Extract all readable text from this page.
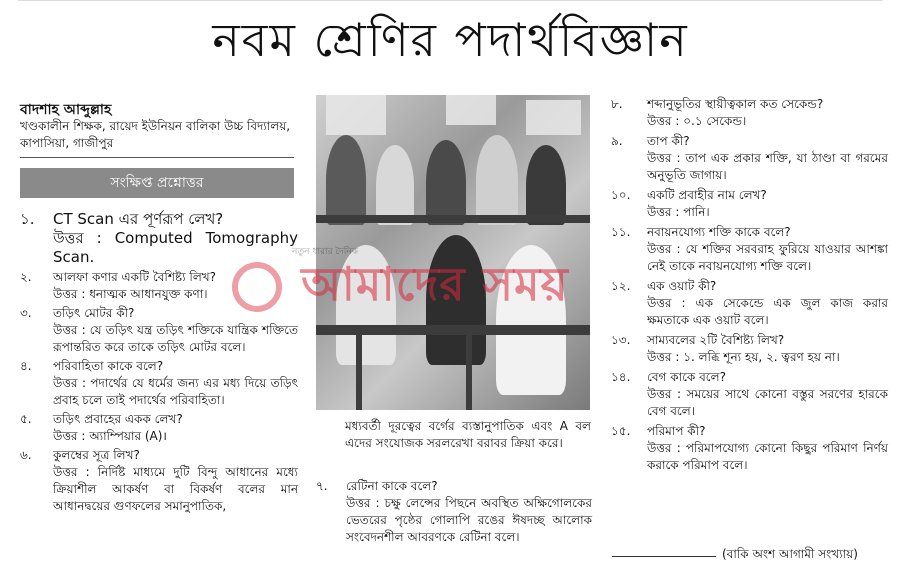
নবম শ্রেণির পদার্থবিজ্ঞান
বাদশাহ আব্দুল্লাহ
খণ্ডকালীন শিক্ষক, রায়েদ ইউনিয়ন বালিকা উচ্চ বিদ্যালয়, কাপাসিয়া, গাজীপুর
সংক্ষিপ্ত প্রশ্নোত্তর
১.	CT Scan এর পূর্ণরূপ লেখ?
উত্তর : Computed Tomography Scan.
২.	আলফা কণার একটি বৈশিষ্ট্য লিখ?
উত্তর : ধনাত্মক আধানযুক্ত কণা।
৩.	তড়িৎ মোটর কী?
উত্তর : যে তড়িৎ যন্ত্র তড়িৎ শক্তিকে যান্ত্রিক শক্তিতে রূপান্তরিত করে তাকে তড়িৎ মোটর বলে।
৪.	পরিবাহিতা কাকে বলে?
উত্তর : পদার্থের যে ধর্মের জন্য এর মধ্য দিয়ে তড়িৎ প্রবাহ চলে তাই পদার্থের পরিবাহিতা।
৫.	তড়িৎ প্রবাহের একক লেখ?
উত্তর : অ্যাম্পিয়ার (A)।
৬.	কুলম্বের সূত্র লিখ?
উত্তর : নির্দিষ্ট মাধ্যমে দুটি বিন্দু আধানের মধ্যে ক্রিয়াশীল আকর্ষণ বা বিকর্ষণ বলের মান আধানদ্বয়ের গুণফলের সমানুপাতিক,
নতুন ধারার দৈনিক
আমাদের সময়
মধ্যবর্তী দূরত্বের বর্গের ব্যস্তানুপাতিক এবং A বল এদের সংযোজক সরলরেখা বরাবর ক্রিয়া করে।
৭.	রেটিনা কাকে বলে?
উত্তর : চক্ষু লেন্সের পিছনে অবস্থিত অক্ষিগোলকের ভেতরের পৃষ্ঠের গোলাপি রঙের ঈষদচ্ছ আলোক সংবেদনশীল আবরণকে রেটিনা বলে।
৮.	শব্দানুভূতির স্থায়ীত্বকাল কত সেকেন্ড?
উত্তর : ০.১ সেকেন্ড।
৯.	তাপ কী?
উত্তর : তাপ এক প্রকার শক্তি, যা ঠাণ্ডা বা গরমের অনুভূতি জাগায়।
১০.	একটি প্রবাহীর নাম লেখ?
উত্তর : পানি।
১১.	নবায়নযোগ্য শক্তি কাকে বলে?
উত্তর : যে শক্তির সরবরাহ ফুরিয়ে যাওয়ার আশঙ্কা নেই তাকে নবায়নযোগ্য শক্তি বলে।
১২.	এক ওয়াট কী?
উত্তর : এক সেকেন্ডে এক জুল কাজ করার ক্ষমতাকে এক ওয়াট বলে।
১৩.	সাম্যবলের ২টি বৈশিষ্ট্য লিখ?
উত্তর : ১. লব্ধি শূন্য হয়, ২. ত্বরণ হয় না।
১৪.	বেগ কাকে বলে?
উত্তর : সময়ের সাথে কোনো বস্তুর সরণের হারকে বেগ বলে।
১৫.	পরিমাপ কী?
উত্তর : পরিমাপযোগ্য কোনো কিছুর পরিমাণ নির্ণয় করাকে পরিমাপ বলে।
(বাকি অংশ আগামী সংখ্যায়)
